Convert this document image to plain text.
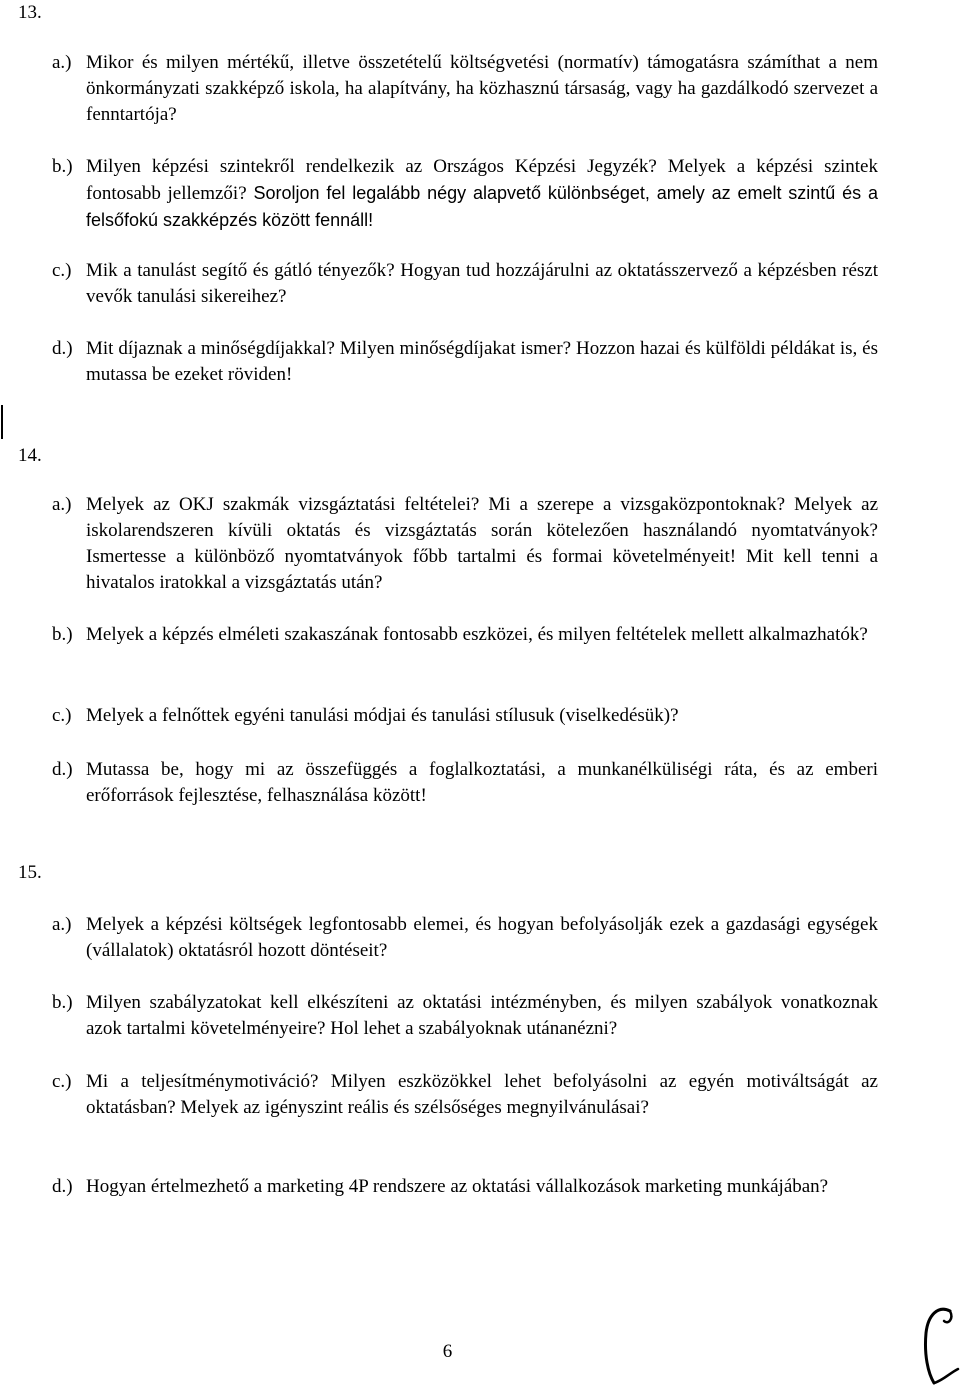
13.
a.) Mikor és milyen mértékű, illetve összetételű költségvetési (normatív) támogatásra számíthat a nem önkormányzati szakképző iskola, ha alapítvány, ha közhasznú társaság, vagy ha gazdálkodó szervezet a fenntartója?
b.) Milyen képzési szintekről rendelkezik az Országos Képzési Jegyzék? Melyek a képzési szintek fontosabb jellemzői? Soroljon fel legalább négy alapvető különbséget, amely az emelt szintű és a felsőfokú szakképzés között fennáll!
c.) Mik a tanulást segítő és gátló tényezők? Hogyan tud hozzájárulni az oktatásszervező a képzésben részt vevők tanulási sikereihez?
d.) Mit díjaznak a minőségdíjakkal? Milyen minőségdíjakat ismer? Hozzon hazai és külföldi példákat is, és mutassa be ezeket röviden!
14.
a.) Melyek az OKJ szakmák vizsgáztatási feltételei? Mi a szerepe a vizsgaközpontoknak? Melyek az iskolarendszeren kívüli oktatás és vizsgáztatás során kötelezően használandó nyomtatványok? Ismertesse a különböző nyomtatványok főbb tartalmi és formai követelményeit! Mit kell tenni a hivatalos iratokkal a vizsgáztatás után?
b.) Melyek a képzés elméleti szakaszának fontosabb eszközei, és milyen feltételek mellett alkalmazhatók?
c.) Melyek a felnőttek egyéni tanulási módjai és tanulási stílusuk (viselkedésük)?
d.) Mutassa be, hogy mi az összefüggés a foglalkoztatási, a munkanélküliségi ráta, és az emberi erőforrások fejlesztése, felhasználása között!
15.
a.) Melyek a képzési költségek legfontosabb elemei, és hogyan befolyásolják ezek a gazdasági egységek (vállalatok) oktatásról hozott döntéseit?
b.) Milyen szabályzatokat kell elkészíteni az oktatási intézményben, és milyen szabályok vonatkoznak azok tartalmi követelményeire? Hol lehet a szabályoknak utánanézni?
c.) Mi a teljesítménymotiváció? Milyen eszközökkel lehet befolyásolni az egyén motiváltságát az oktatásban? Melyek az igényszint reális és szélsőséges megnyilvánulásai?
d.) Hogyan értelmezhető a marketing 4P rendszere az oktatási vállalkozások marketing munkájában?
6
